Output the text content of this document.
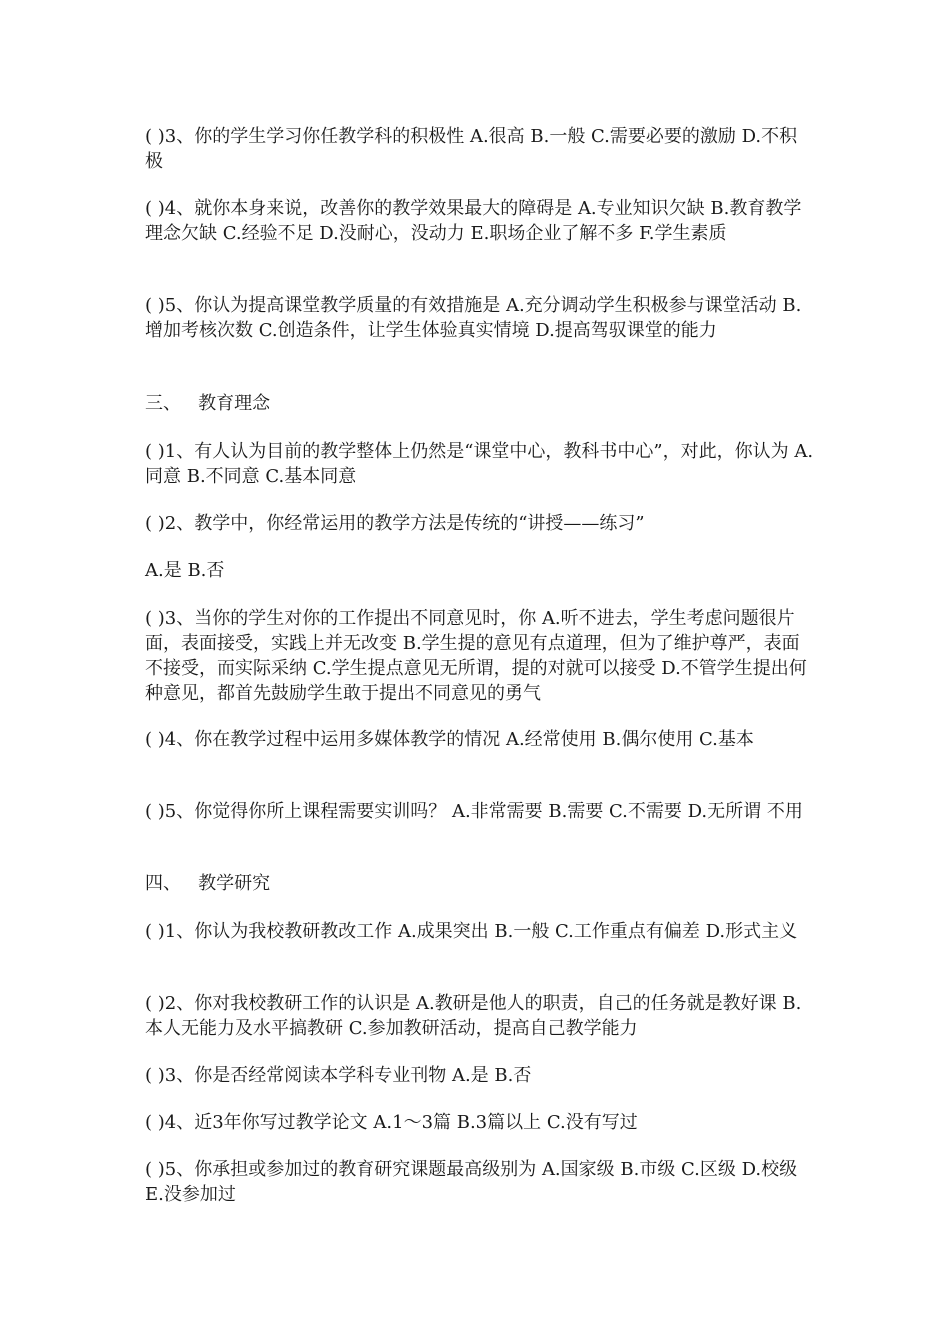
( )3、你的学生学习你任教学科的积极性 A.很高 B.一般 C.需要必要的激励 D.不积极

( )4、就你本身来说，改善你的教学效果最大的障碍是 A.专业知识欠缺 B.教育教学理念欠缺 C.经验不足 D.没耐心，没动力 E.职场企业了解不多 F.学生素质

( )5、你认为提高课堂教学质量的有效措施是 A.充分调动学生积极参与课堂活动 B.增加考核次数 C.创造条件，让学生体验真实情境 D.提高驾驭课堂的能力

三、   教育理念

( )1、有人认为目前的教学整体上仍然是“课堂中心，教科书中心”，对此，你认为 A.同意 B.不同意 C.基本同意

( )2、教学中，你经常运用的教学方法是传统的“讲授——练习”

A.是 B.否

( )3、当你的学生对你的工作提出不同意见时，你 A.听不进去，学生考虑问题很片面，表面接受，实践上并无改变 B.学生提的意见有点道理，但为了维护尊严，表面不接受，而实际采纳 C.学生提点意见无所谓，提的对就可以接受 D.不管学生提出何种意见，都首先鼓励学生敢于提出不同意见的勇气

( )4、你在教学过程中运用多媒体教学的情况 A.经常使用 B.偶尔使用 C.基本

( )5、你觉得你所上课程需要实训吗？ A.非常需要 B.需要 C.不需要 D.无所谓 不用

四、   教学研究

( )1、你认为我校教研教改工作 A.成果突出 B.一般 C.工作重点有偏差 D.形式主义

( )2、你对我校教研工作的认识是 A.教研是他人的职责，自己的任务就是教好课 B.本人无能力及水平搞教研 C.参加教研活动，提高自己教学能力

( )3、你是否经常阅读本学科专业刊物 A.是 B.否

( )4、近3年你写过教学论文 A.1～3篇 B.3篇以上 C.没有写过

( )5、你承担或参加过的教育研究课题最高级别为 A.国家级 B.市级 C.区级 D.校级 E.没参加过
